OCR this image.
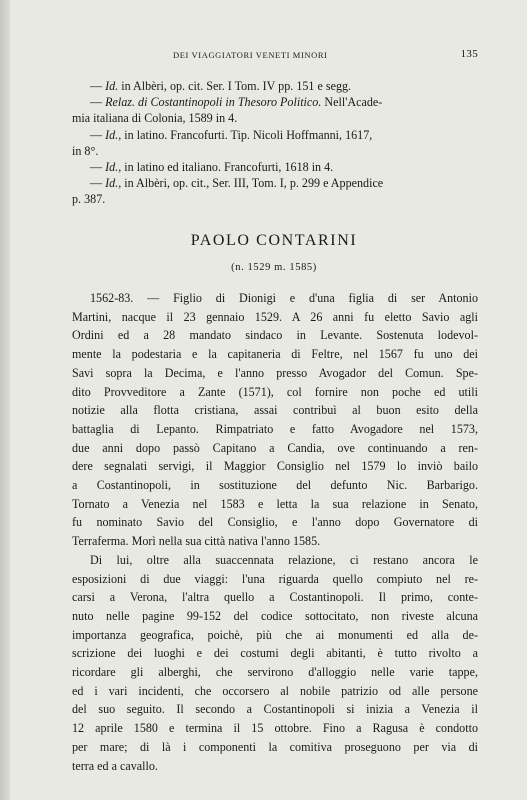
DEI VIAGGIATORI VENETI MINORI	135
— Id. in Albèri, op. cit. Ser. I Tom. IV pp. 151 e segg.
— Relaz. di Costantinopoli in Thesoro Politico. Nell'Acade-
mia italiana di Colonia, 1589 in 4.
— Id., in latino. Francofurti. Tip. Nicoli Hoffmanni, 1617,
in 8°.
— Id., in latino ed italiano. Francofurti, 1618 in 4.
— Id., in Albèri, op. cit., Ser. III, Tom. I, p. 299 e Appendice
p. 387.
PAOLO CONTARINI
(n. 1529 m. 1585)
1562-83. — Figlio di Dionigi e d'una figlia di ser Antonio
Martini, nacque il 23 gennaio 1529. A 26 anni fu eletto Savio agli
Ordini ed a 28 mandato sindaco in Levante. Sostenuta lodevol-
mente la podestaria e la capitaneria di Feltre, nel 1567 fu uno dei
Savi sopra la Decima, e l'anno presso Avogador del Comun. Spe-
dito Provveditore a Zante (1571), col fornire non poche ed utili
notizie alla flotta cristiana, assai contribuì al buon esito della
battaglia di Lepanto. Rimpatriato e fatto Avogadore nel 1573,
due anni dopo passò Capitano a Candia, ove continuando a ren-
dere segnalati servigi, il Maggior Consiglio nel 1579 lo inviò bailo
a Costantinopoli, in sostituzione del defunto Nic. Barbarigo.
Tornato a Venezia nel 1583 e letta la sua relazione in Senato,
fu nominato Savio del Consiglio, e l'anno dopo Governatore di
Terraferma. Morì nella sua città nativa l'anno 1585.
Di lui, oltre alla suaccennata relazione, ci restano ancora le
esposizioni di due viaggi: l'una riguarda quello compiuto nel re-
carsi a Verona, l'altra quello a Costantinopoli. Il primo, conte-
nuto nelle pagine 99-152 del codice sottocitato, non riveste alcuna
importanza geografica, poichè, più che ai monumenti ed alla de-
scrizione dei luoghi e dei costumi degli abitanti, è tutto rivolto a
ricordare gli alberghi, che servirono d'alloggio nelle varie tappe,
ed i vari incidenti, che occorsero al nobile patrizio od alle persone
del suo seguito. Il secondo a Costantinopoli si inizia a Venezia il
12 aprile 1580 e termina il 15 ottobre. Fino a Ragusa è condotto
per mare; di là i componenti la comitiva proseguono per via di
terra ed a cavallo.
